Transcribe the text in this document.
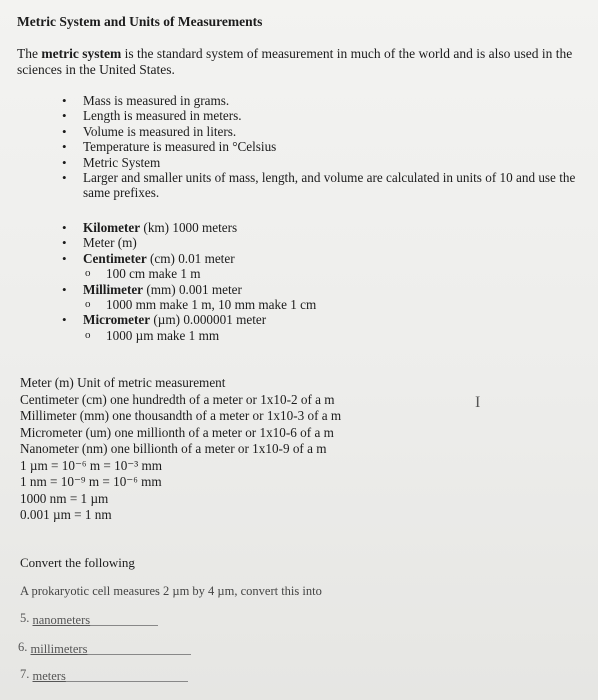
Metric System and Units of Measurements
The metric system is the standard system of measurement in much of the world and is also used in the sciences in the United States.
• Mass is measured in grams.
• Length is measured in meters.
• Volume is measured in liters.
• Temperature is measured in °Celsius
• Metric System
• Larger and smaller units of mass, length, and volume are calculated in units of 10 and use the same prefixes.
• Kilometer (km) 1000 meters
• Meter (m)
• Centimeter (cm) 0.01 meter
o 100 cm make 1 m
• Millimeter (mm) 0.001 meter
o 1000 mm make 1 m, 10 mm make 1 cm
• Micrometer (µm) 0.000001 meter
o 1000 µm make 1 mm
Meter (m) Unit of metric measurement
Centimeter (cm) one hundredth of a meter or 1x10-2 of a m
Millimeter (mm) one thousandth of a meter or 1x10-3 of a m
Micrometer (um) one millionth of a meter or 1x10-6 of a m
Nanometer (nm) one billionth of a meter or 1x10-9 of a m
1 µm = 10⁻⁶ m = 10⁻³ mm
1 nm = 10⁻⁹ m = 10⁻⁶ mm
1000 nm = 1 µm
0.001 µm = 1 nm
I
Convert the following
A prokaryotic cell measures 2 µm by 4 µm, convert this into
5. nanometers
6. millimeters
7. meters
